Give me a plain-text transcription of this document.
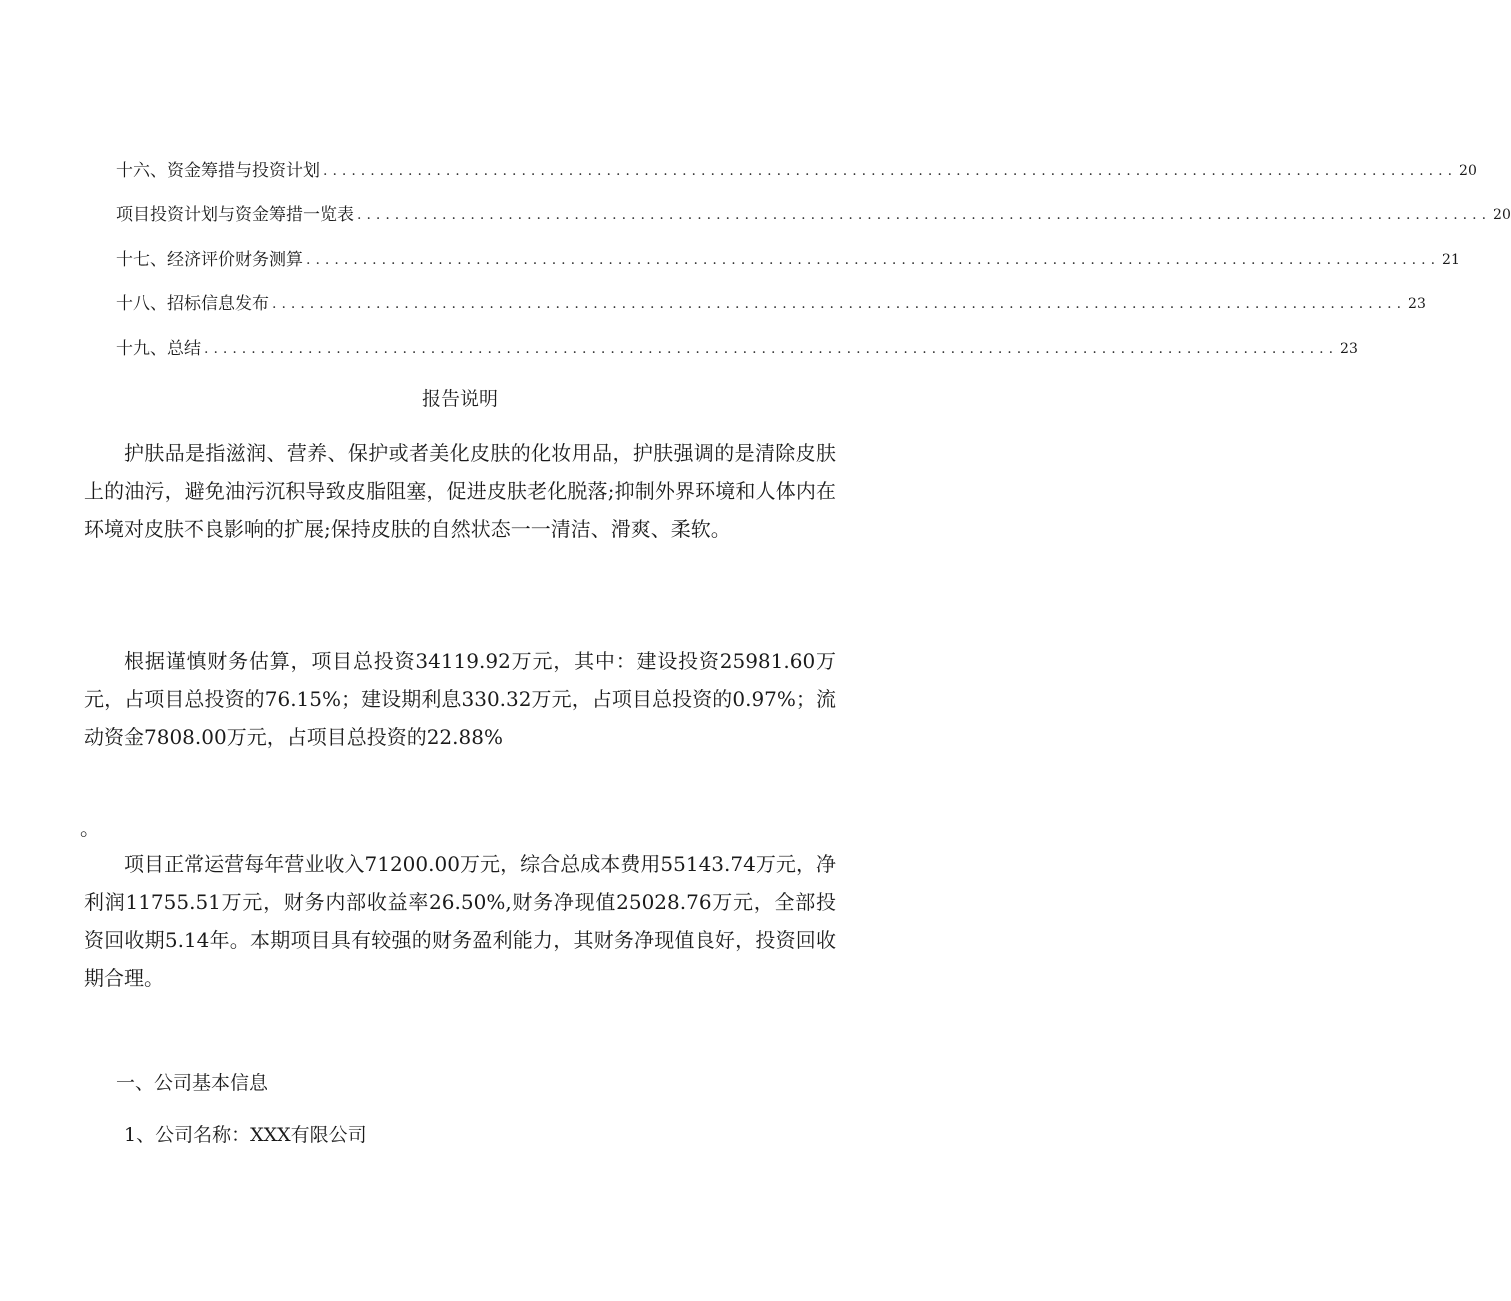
十六、资金筹措与投资计划 ........................................................................................................................ 20
项目投资计划与资金筹措一览表 ........................................................................................................................ 20
十七、经济评价财务测算 ........................................................................................................................ 21
十八、招标信息发布 ........................................................................................................................ 23
十九、总结 ........................................................................................................................ 23
报告说明

护肤品是指滋润、营养、保护或者美化皮肤的化妆用品，护肤强调的是清除皮肤上的油污，避免油污沉积导致皮脂阻塞，促进皮肤老化脱落;抑制外界环境和人体内在环境对皮肤不良影响的扩展;保持皮肤的自然状态一一清洁、滑爽、柔软。

根据谨慎财务估算，项目总投资34119.92万元，其中：建设投资25981.60万元，占项目总投资的76.15%；建设期利息330.32万元，占项目总投资的0.97%；流动资金7808.00万元，占项目总投资的22.88%

。

项目正常运营每年营业收入71200.00万元，综合总成本费用55143.74万元，净利润11755.51万元，财务内部收益率26.50%,财务净现值25028.76万元，全部投资回收期5.14年。本期项目具有较强的财务盈利能力，其财务净现值良好，投资回收期合理。

一、公司基本信息
1、公司名称：XXX有限公司
